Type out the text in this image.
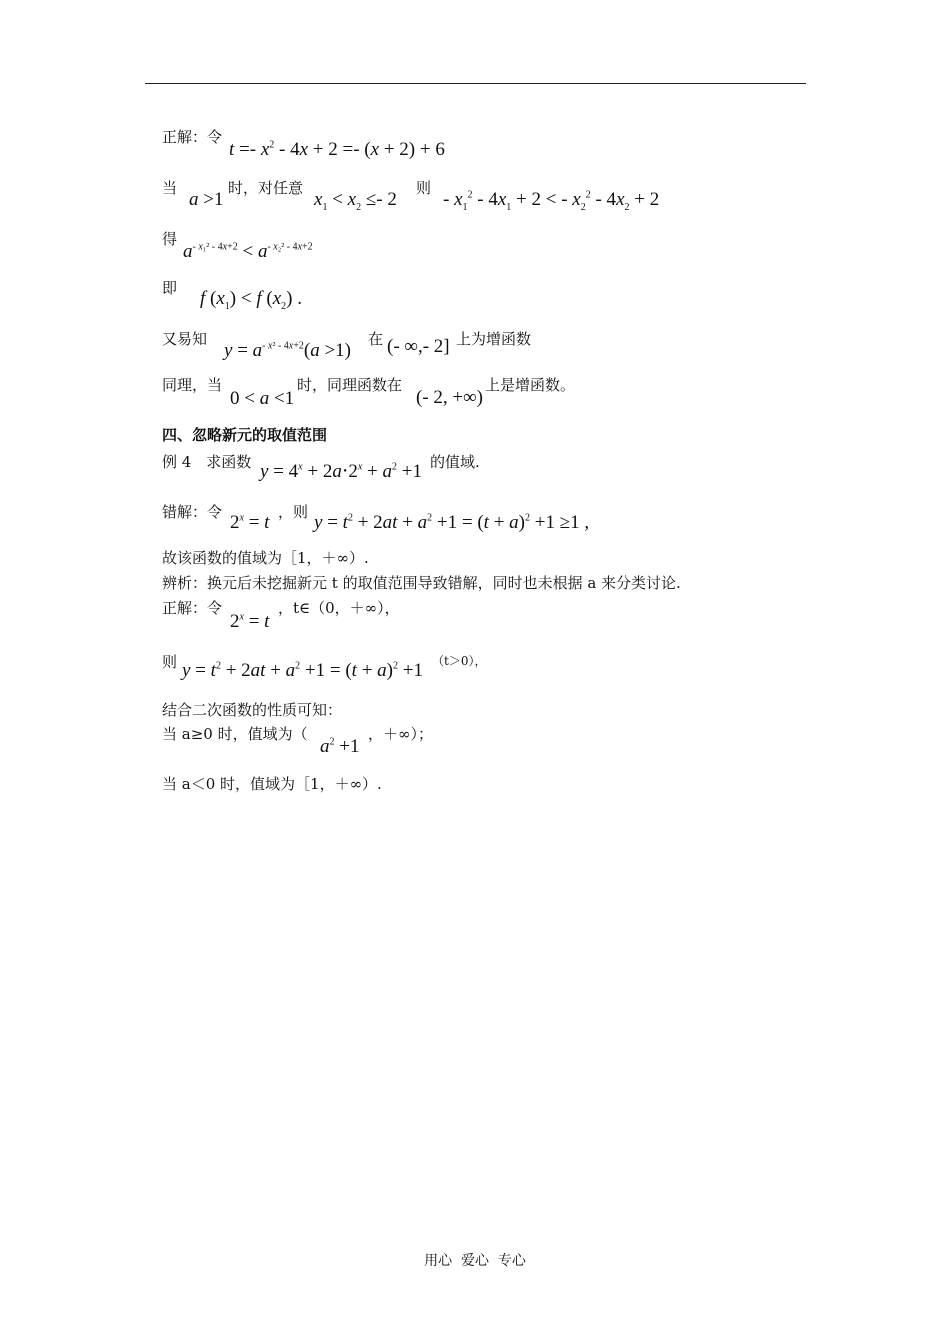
正解：令
$t =- x^2 - 4x + 2 =- (x + 2) + 6$
当
a >1
时，对任意
$x_1 < x_2 \le- 2$
则
- $x_1^2 - 4x_1 + 2$ < - $x_2^2 - 4x_2 + 2$
得
$a^{- x_1^2 - 4x+2} < a^{- x_2^2 - 4x+2}$
即 f $(x_1) < f$ $(x_2)$ .
又易知
$y = a^{- x^2 - 4x+2}(a >1)$
在 (- ∞,- 2] 上为增函数
同理，当
0 < a <1
时，同理函数在
(- 2, +∞)
上是增函数。
四、忽略新元的取值范围
例 4　求函数 $y = 4^x + 2a\cdot 2^x + a^2 +1$ 的值域.
错解：令 $2^x = t$ ，则 $y = t^2 + 2at + a^2 +1 = (t + a)^2 +1 \ge 1$ ,
故该函数的值域为［1，＋∞）.
辨析：换元后未挖掘新元 t 的取值范围导致错解，同时也未根据 a 来分类讨论.
正解：令
$2^x = t$
，t∈（0，＋∞），
则 $y = t^2 + 2at + a^2 +1 = (t + a)^2 +1$ （t＞0），
结合二次函数的性质可知：
当 a≥0 时，值域为（
$a^2 +1$
，＋∞）；
当 a＜0 时，值域为［1，＋∞）.
用心  爱心  专心
